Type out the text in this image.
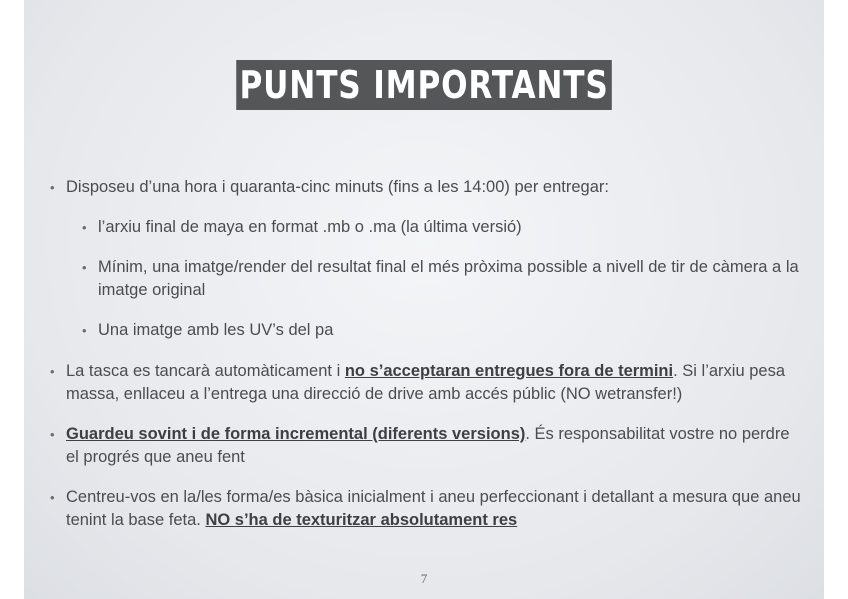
PUNTS IMPORTANTS
• Disposeu d’una hora i quaranta-cinc minuts (fins a les 14:00) per entregar:
• l’arxiu final de maya en format .mb o .ma (la última versió)
• Mínim, una imatge/render del resultat final el més pròxima possible a nivell de tir de càmera a la imatge original
• Una imatge amb les UV’s del pa
• La tasca es tancarà automàticament i no s’acceptaran entregues fora de termini. Si l’arxiu pesa massa, enllaceu a l’entrega una direcció de drive amb accés públic (NO wetransfer!)
• Guardeu sovint i de forma incremental (diferents versions). És responsabilitat vostre no perdre el progrés que aneu fent
• Centreu-vos en la/les forma/es bàsica inicialment i aneu perfeccionant i detallant a mesura que aneu tenint la base feta. NO s’ha de texturitzar absolutament res
7
